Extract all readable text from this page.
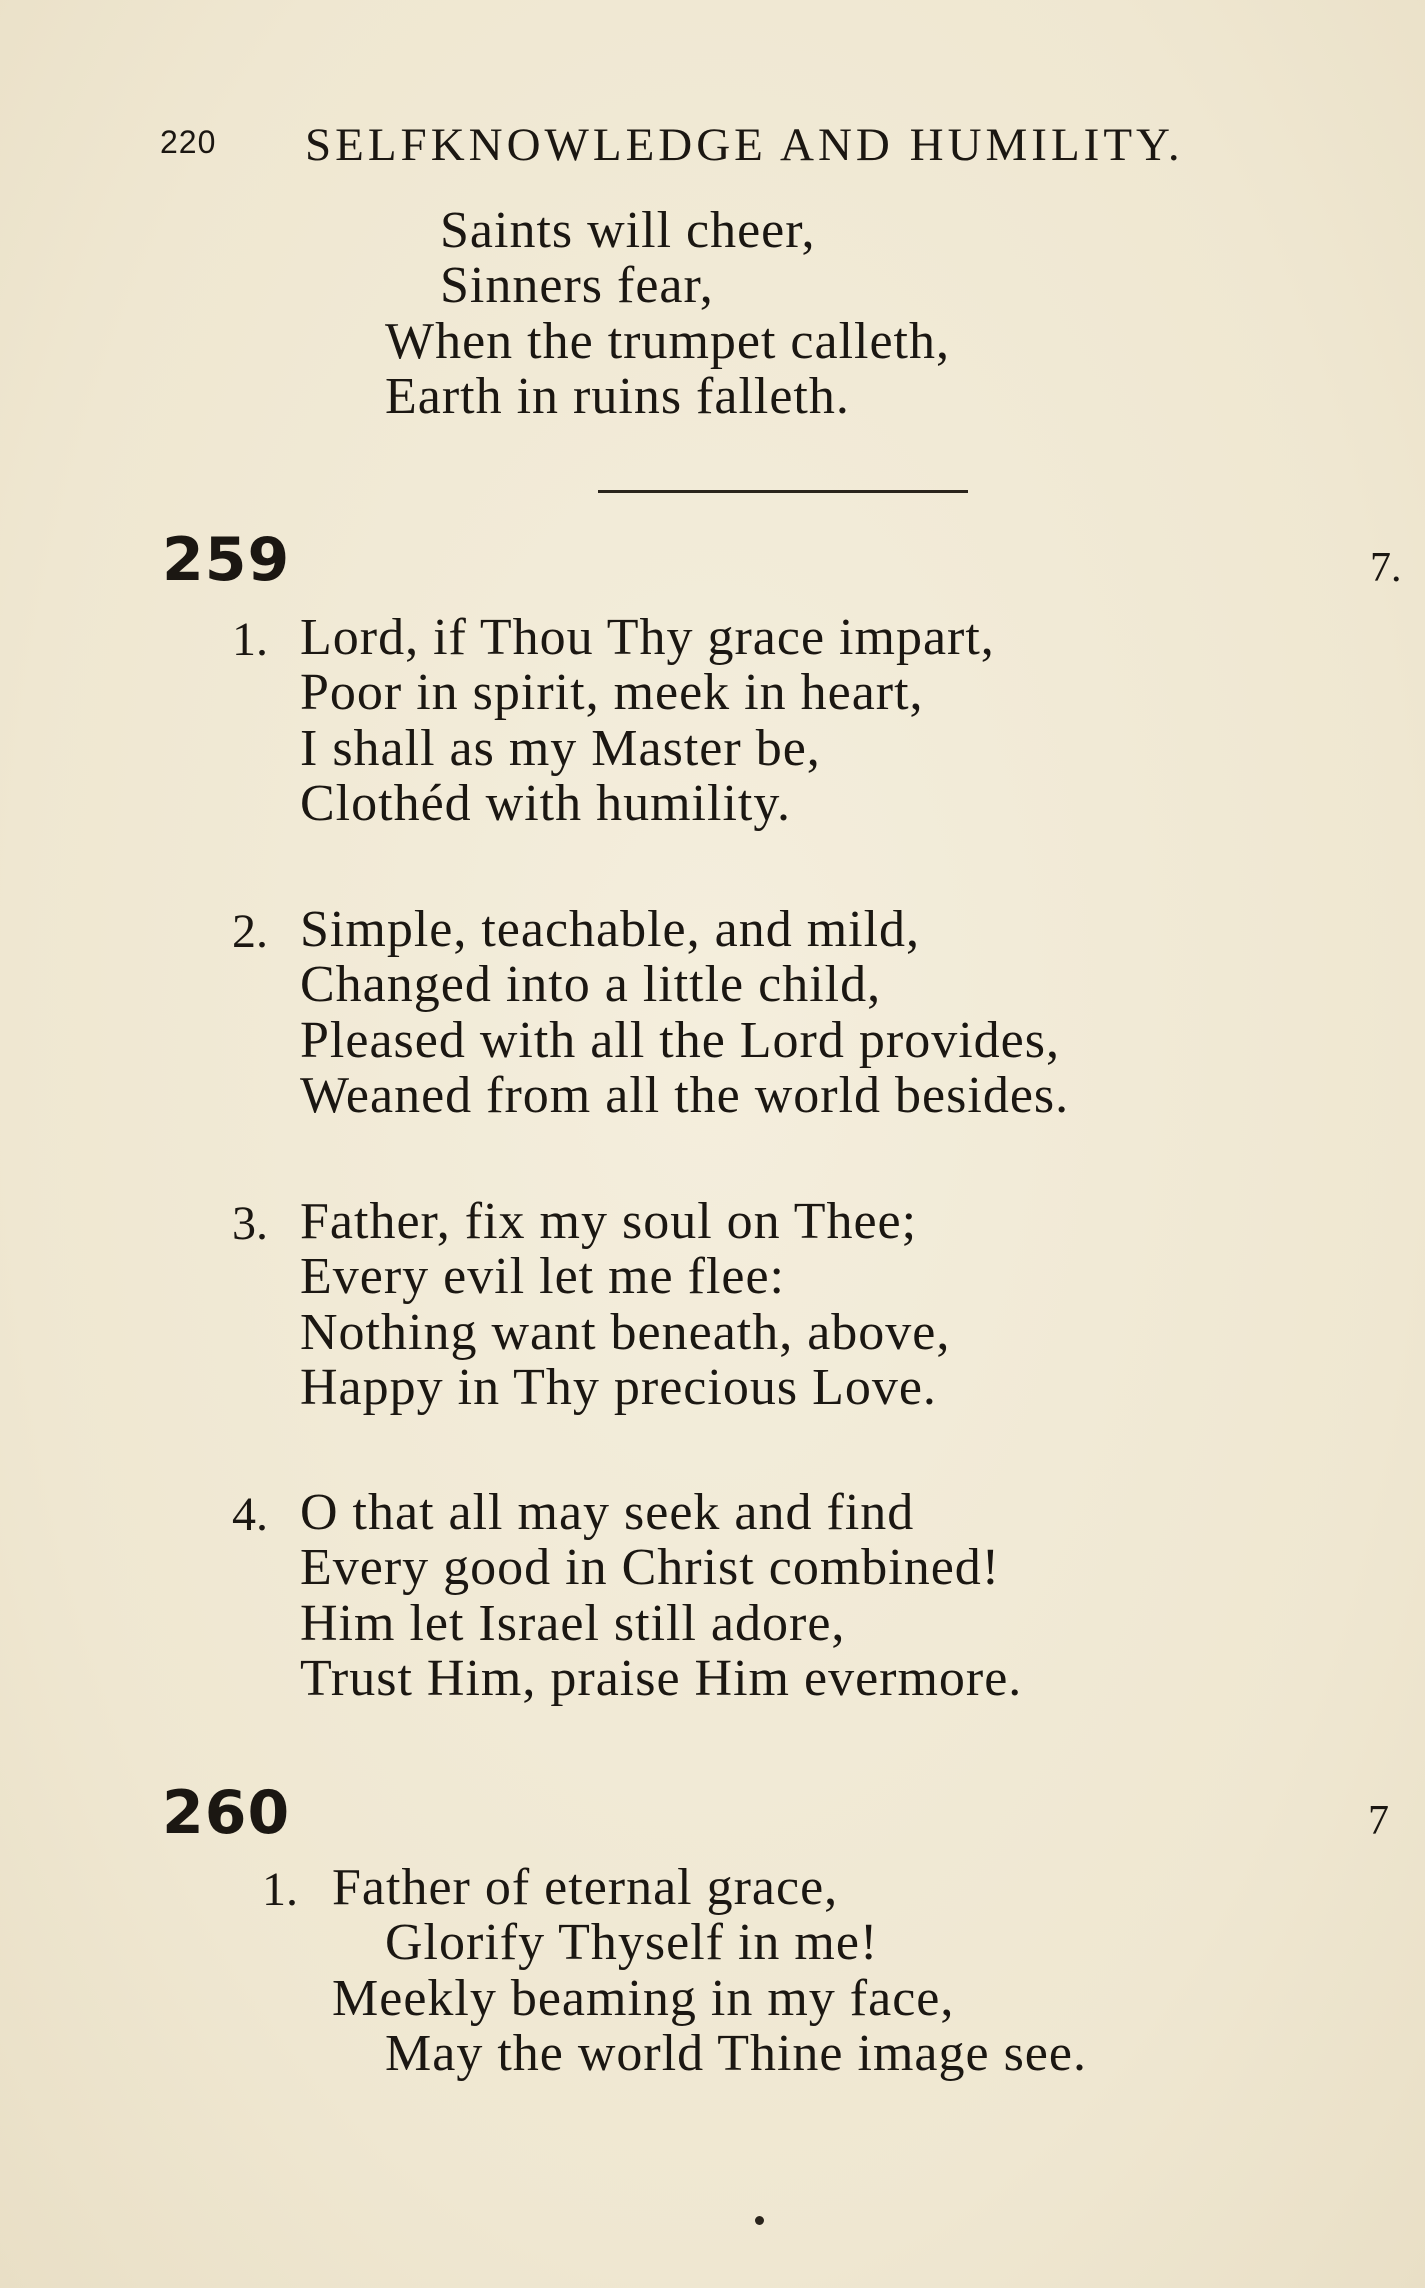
220 SELFKNOWLEDGE AND HUMILITY.
Saints will cheer,
Sinners fear,
When the trumpet calleth,
Earth in ruins falleth.
259	7.
1. Lord, if Thou Thy grace impart,
Poor in spirit, meek in heart,
I shall as my Master be,
Clothéd with humility.
2. Simple, teachable, and mild,
Changed into a little child,
Pleased with all the Lord provides,
Weaned from all the world besides.
3. Father, fix my soul on Thee;
Every evil let me flee:
Nothing want beneath, above,
Happy in Thy precious Love.
4. O that all may seek and find
Every good in Christ combined!
Him let Israel still adore,
Trust Him, praise Him evermore.
260	7
1. Father of eternal grace,
Glorify Thyself in me!
Meekly beaming in my face,
May the world Thine image see.
